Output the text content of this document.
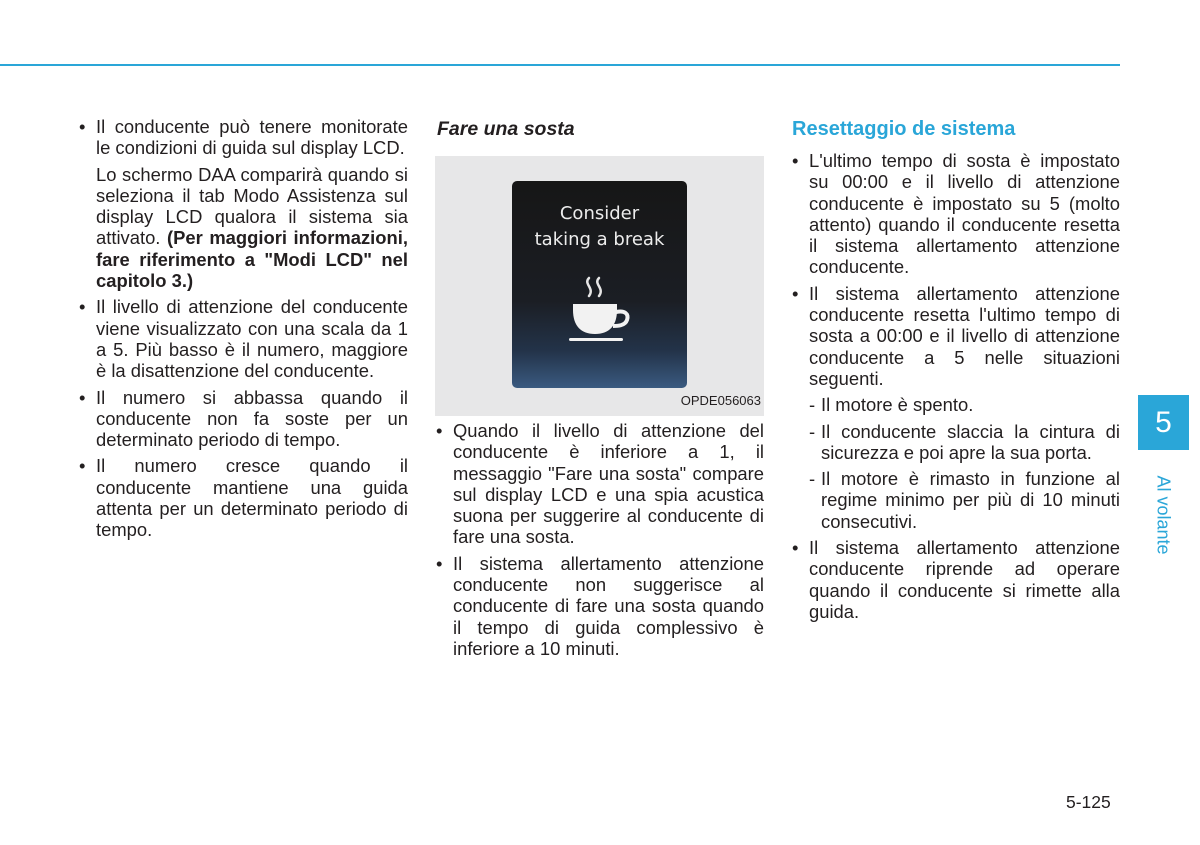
• Il conducente può tenere monitorate le condizioni di guida sul display LCD.
Lo schermo DAA comparirà quando si seleziona il tab Modo Assistenza sul display LCD qualora il sistema sia attivato. (Per maggiori informazioni, fare riferimento a "Modi LCD" nel capitolo 3.)
• Il livello di attenzione del conducente viene visualizzato con una scala da 1 a 5. Più basso è il numero, maggiore è la disattenzione del conducente.
• Il numero si abbassa quando il conducente non fa soste per un determinato periodo di tempo.
• Il numero cresce quando il conducente mantiene una guida attenta per un determinato periodo di tempo.
Fare una sosta
Consider
taking a break
OPDE056063
• Quando il livello di attenzione del conducente è inferiore a 1, il messaggio "Fare una sosta" compare sul display LCD e una spia acustica suona per suggerire al conducente di fare una sosta.
• Il sistema allertamento attenzione conducente non suggerisce al conducente di fare una sosta quando il tempo di guida complessivo è inferiore a 10 minuti.
Resettaggio de sistema
• L'ultimo tempo di sosta è impostato su 00:00 e il livello di attenzione conducente è impostato su 5 (molto attento) quando il conducente resetta il sistema allertamento attenzione conducente.
• Il sistema allertamento attenzione conducente resetta l'ultimo tempo di sosta a 00:00 e il livello di attenzione conducente a 5 nelle situazioni seguenti.
- Il motore è spento.
- Il conducente slaccia la cintura di sicurezza e poi apre la sua porta.
- Il motore è rimasto in funzione al regime minimo per più di 10 minuti consecutivi.
• Il sistema allertamento attenzione conducente riprende ad operare quando il conducente si rimette alla guida.
5
Al volante
5-125
